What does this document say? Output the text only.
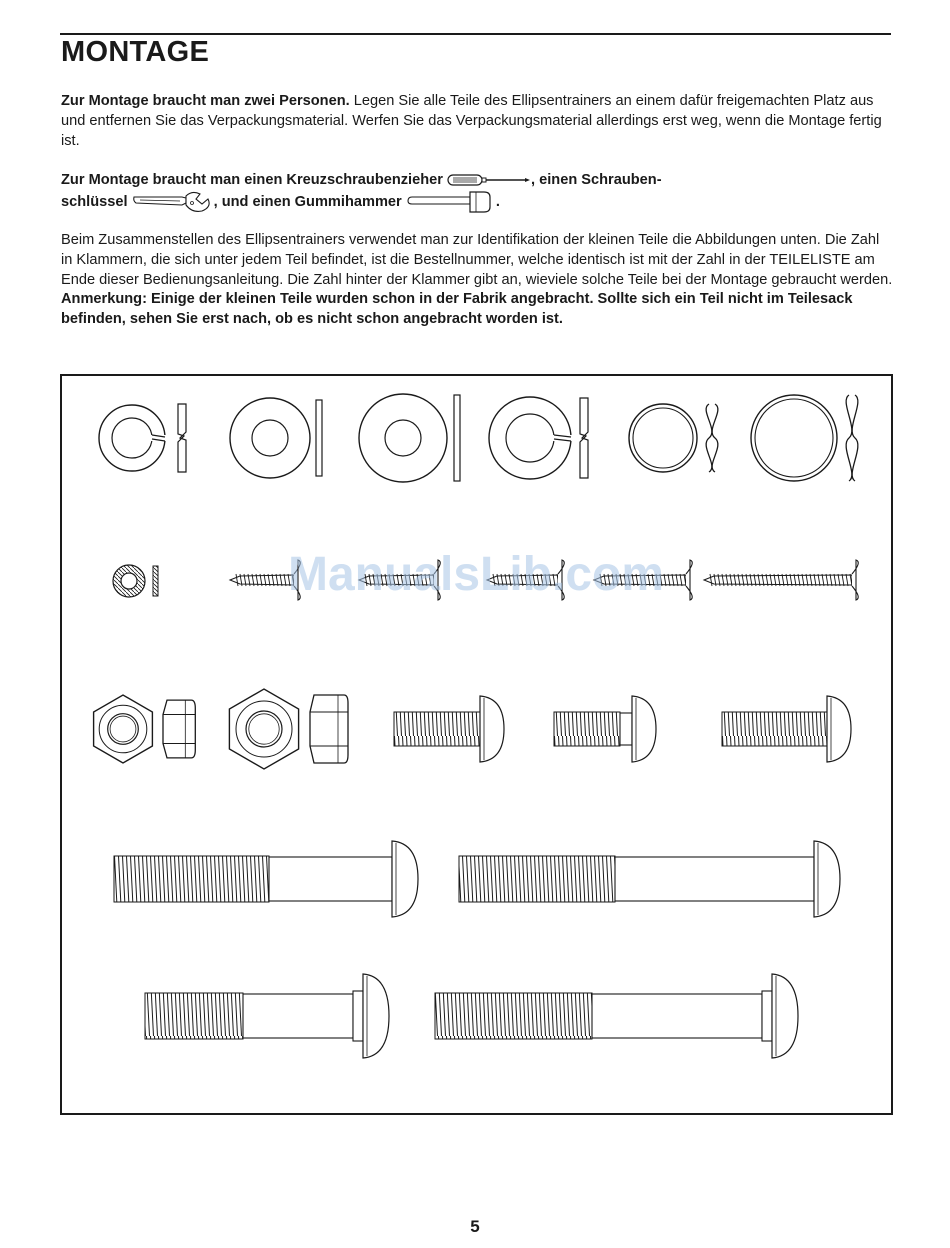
MONTAGE

Zur Montage braucht man zwei Personen. Legen Sie alle Teile des Ellipsentrainers an einem dafür freigemachten Platz aus und entfernen Sie das Verpackungsmaterial. Werfen Sie das Verpackungsmaterial allerdings erst weg, wenn die Montage fertig ist.

Zur Montage braucht man einen Kreuzschraubenzieher	, einen Schrauben-
schlüssel	, und einen Gummihammer	.

Beim Zusammenstellen des Ellipsentrainers verwendet man zur Identifikation der kleinen Teile die Abbildungen unten. Die Zahl in Klammern, die sich unter jedem Teil befindet, ist die Bestellnummer, welche identisch ist mit der Zahl in der TEILELISTE am Ende dieser Bedienungsanleitung. Die Zahl hinter der Klammer gibt an, wieviele solche Teile bei der Montage gebraucht werden. Anmerkung: Einige der kleinen Teile wurden schon in der Fabrik angebracht. Sollte sich ein Teil nicht im Teilesack befinden, sehen Sie erst nach, ob es nicht schon angebracht worden ist.

ManualsLib.com
5
